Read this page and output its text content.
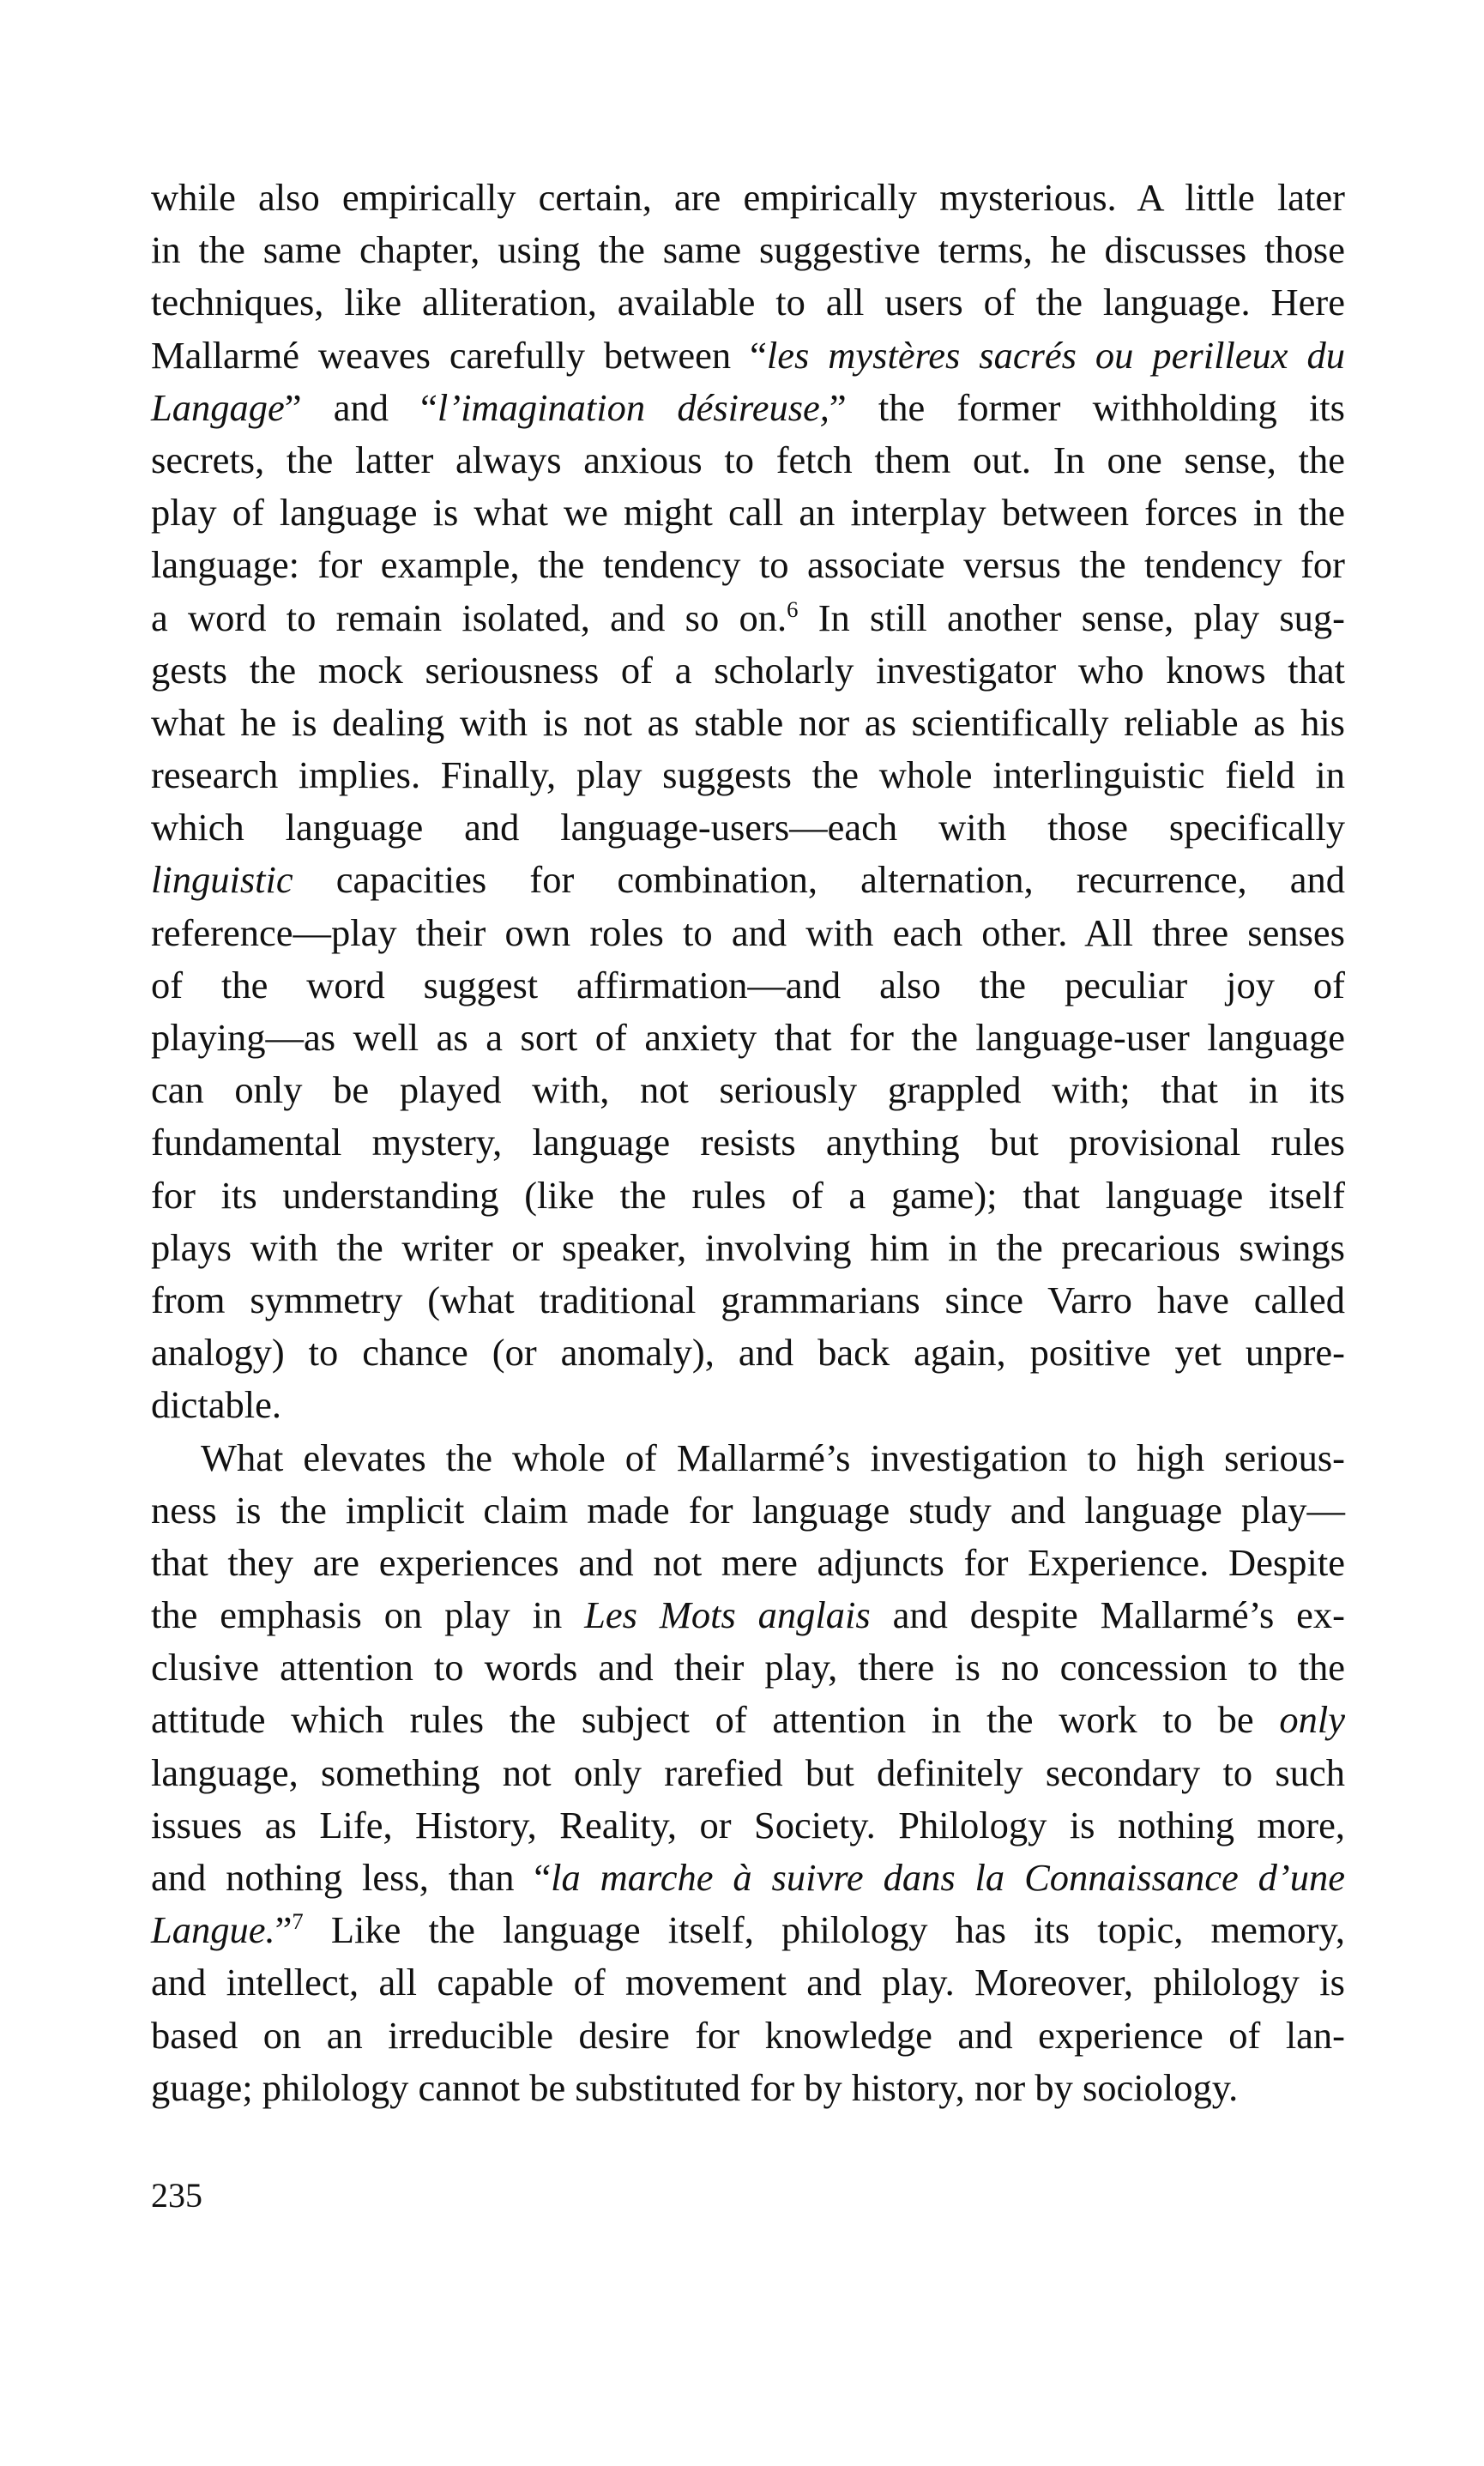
while also empirically certain, are empirically mysterious. A little later
in the same chapter, using the same suggestive terms, he discusses those
techniques, like alliteration, available to all users of the language. Here
Mallarmé weaves carefully between “les mystères sacrés ou perilleux du
Langage” and “l’imagination désireuse,” the former withholding its
secrets, the latter always anxious to fetch them out. In one sense, the
play of language is what we might call an interplay between forces in the
language: for example, the tendency to associate versus the tendency for
a word to remain isolated, and so on.$^6$ In still another sense, play sug-
gests the mock seriousness of a scholarly investigator who knows that
what he is dealing with is not as stable nor as scientifically reliable as his
research implies. Finally, play suggests the whole interlinguistic field in
which language and language-users—each with those specifically
linguistic capacities for combination, alternation, recurrence, and
reference—play their own roles to and with each other. All three senses
of the word suggest affirmation—and also the peculiar joy of
playing—as well as a sort of anxiety that for the language-user language
can only be played with, not seriously grappled with; that in its
fundamental mystery, language resists anything but provisional rules
for its understanding (like the rules of a game); that language itself
plays with the writer or speaker, involving him in the precarious swings
from symmetry (what traditional grammarians since Varro have called
analogy) to chance (or anomaly), and back again, positive yet unpre-
dictable.
What elevates the whole of Mallarmé’s investigation to high serious-
ness is the implicit claim made for language study and language play—
that they are experiences and not mere adjuncts for Experience. Despite
the emphasis on play in Les Mots anglais and despite Mallarmé’s ex-
clusive attention to words and their play, there is no concession to the
attitude which rules the subject of attention in the work to be only
language, something not only rarefied but definitely secondary to such
issues as Life, History, Reality, or Society. Philology is nothing more,
and nothing less, than “la marche à suivre dans la Connaissance d’une
Langue.”$^7$ Like the language itself, philology has its topic, memory,
and intellect, all capable of movement and play. Moreover, philology is
based on an irreducible desire for knowledge and experience of lan-
guage; philology cannot be substituted for by history, nor by sociology.
235
